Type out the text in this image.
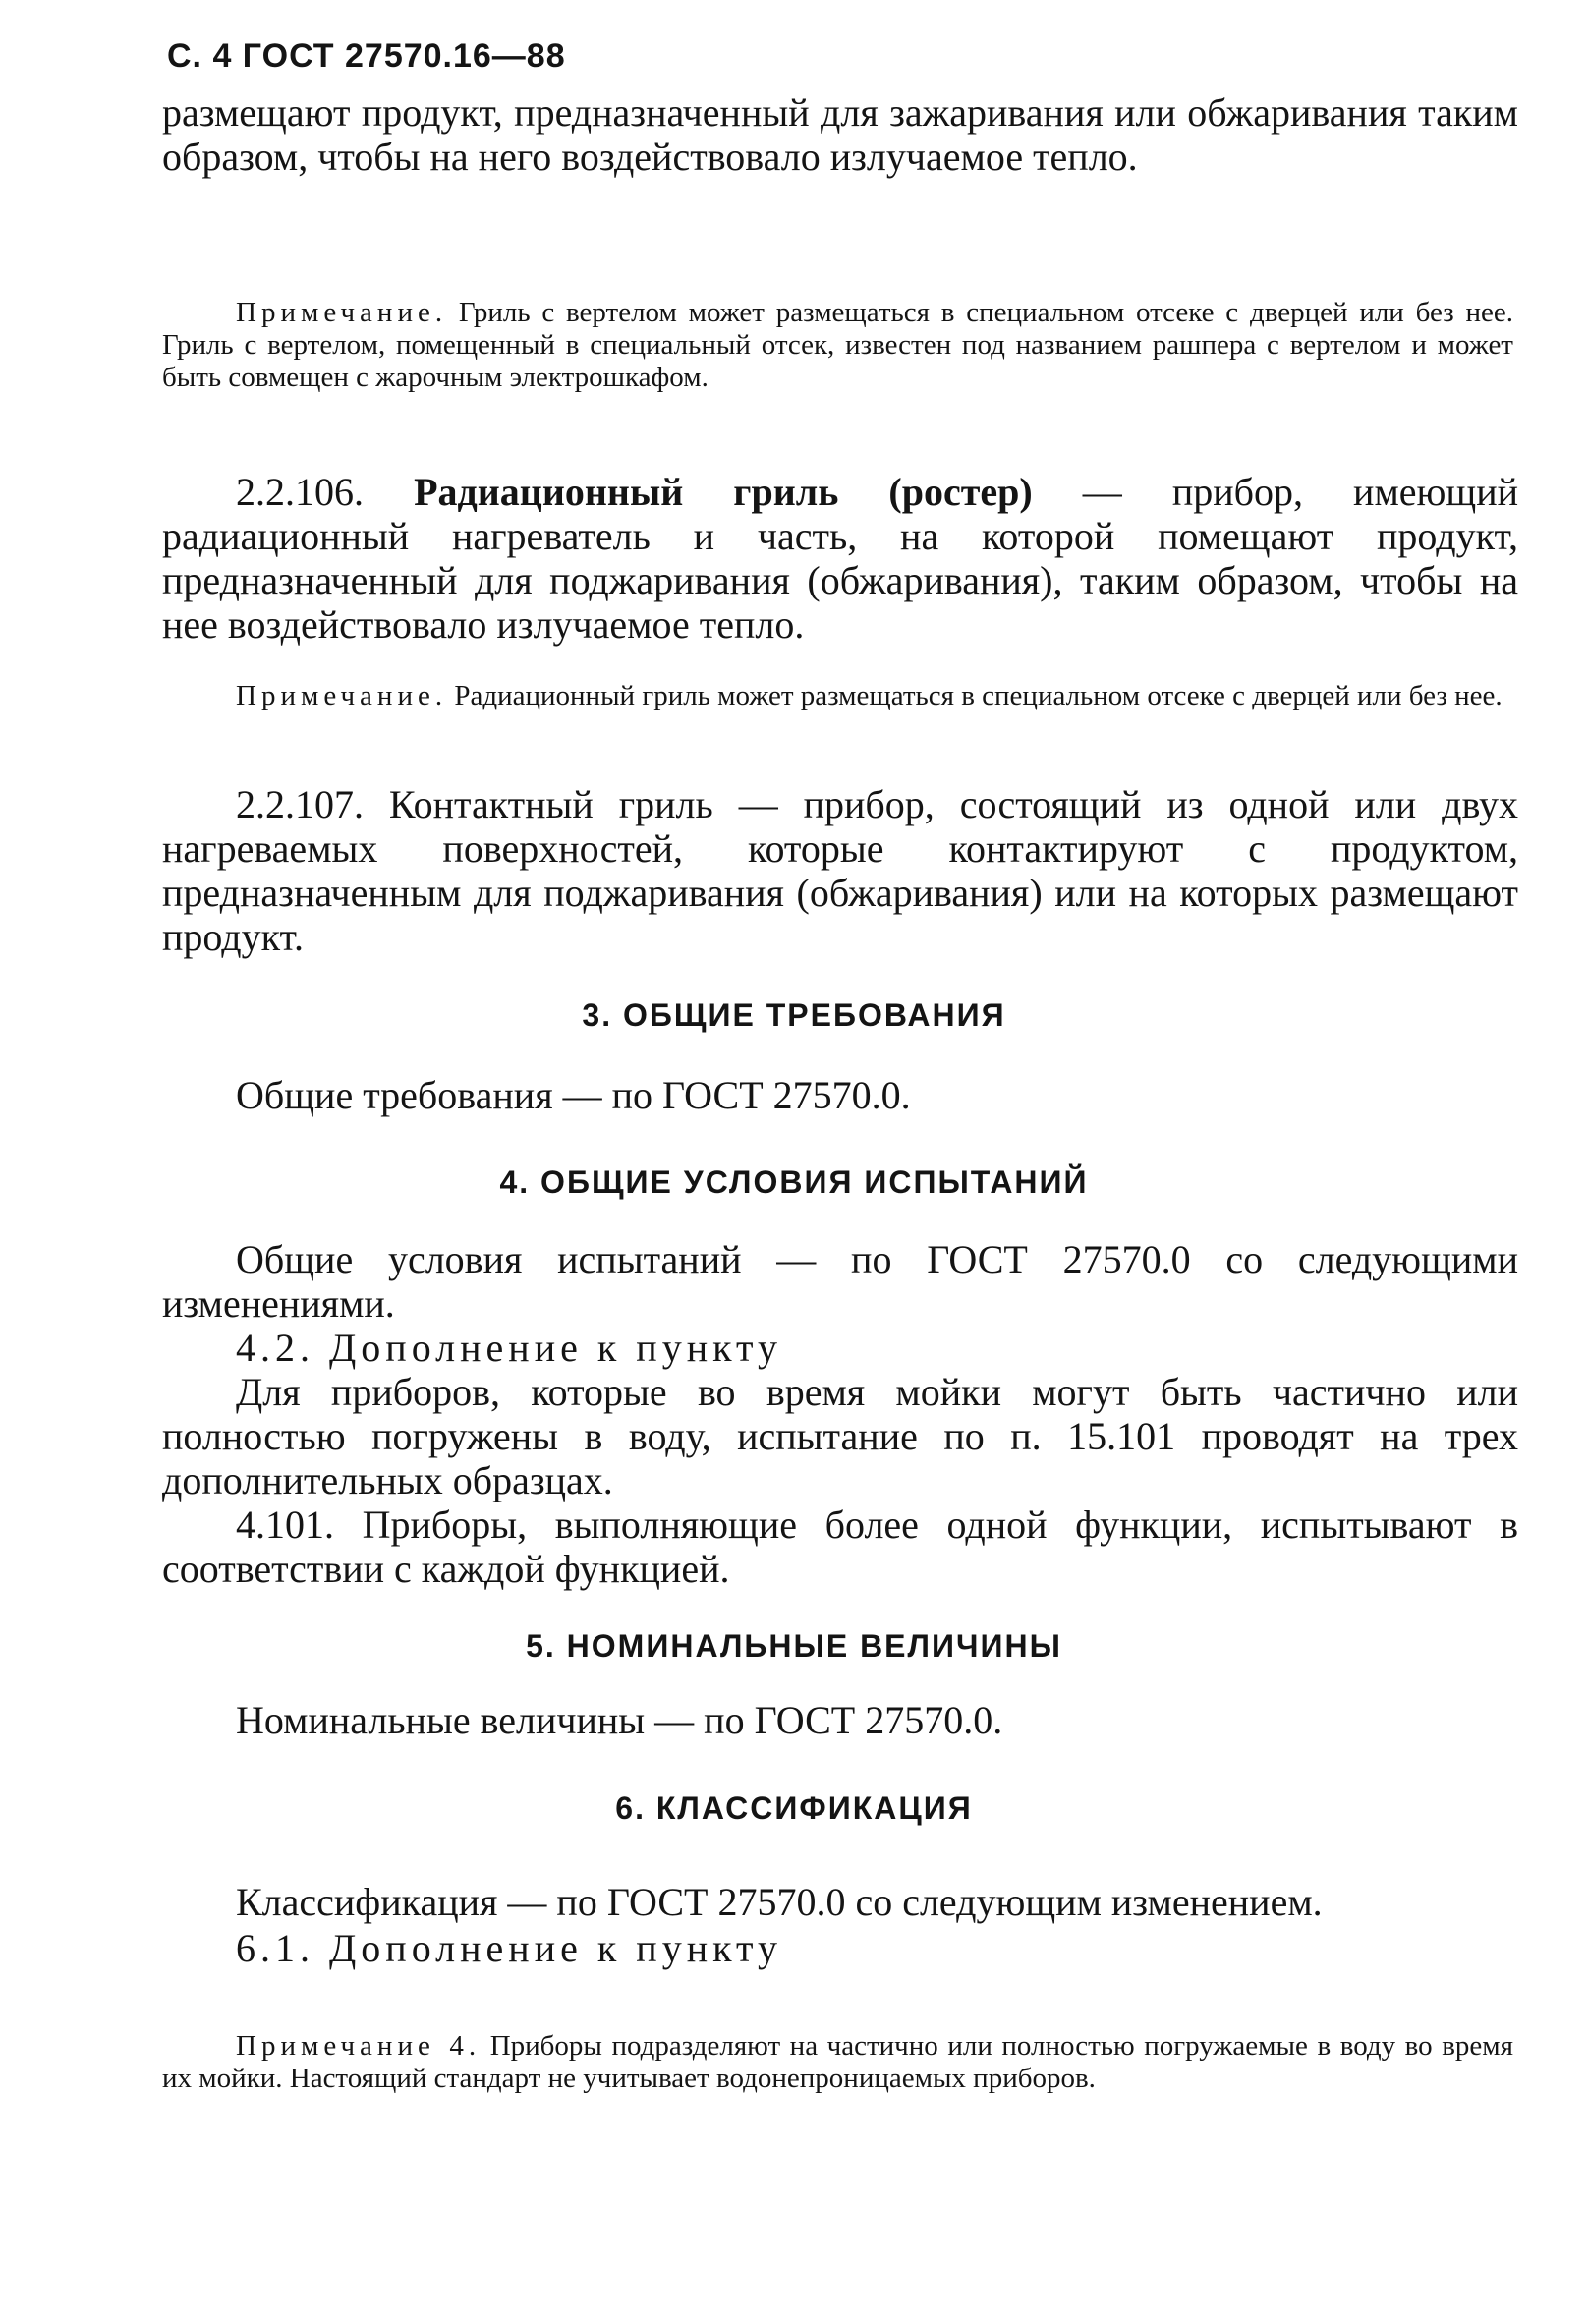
С. 4 ГОСТ 27570.16—88
размещают продукт, предназначенный для зажаривания или обжаривания таким образом, чтобы на него воздействовало излучаемое тепло.
Примечание. Гриль с вертелом может размещаться в специальном отсеке с дверцей или без нее. Гриль с вертелом, помещенный в специальный отсек, известен под названием рашпера с вертелом и может быть совмещен с жарочным электрошкафом.
2.2.106. Радиационный гриль (ростер) — прибор, имеющий радиационный нагреватель и часть, на которой помещают продукт, предназначенный для поджаривания (обжаривания), таким образом, чтобы на нее воздействовало излучаемое тепло.
Примечание. Радиационный гриль может размещаться в специальном отсеке с дверцей или без нее.
2.2.107. Контактный гриль — прибор, состоящий из одной или двух нагреваемых поверхностей, которые контактируют с продуктом, предназначенным для поджаривания (обжаривания) или на которых размещают продукт.
3. ОБЩИЕ ТРЕБОВАНИЯ
Общие требования — по ГОСТ 27570.0.
4. ОБЩИЕ УСЛОВИЯ ИСПЫТАНИЙ
Общие условия испытаний — по ГОСТ 27570.0 со следующими изменениями.
4.2. Дополнение к пункту
Для приборов, которые во время мойки могут быть частично или полностью погружены в воду, испытание по п. 15.101 проводят на трех дополнительных образцах.
4.101. Приборы, выполняющие более одной функции, испытывают в соответствии с каждой функцией.
5. НОМИНАЛЬНЫЕ ВЕЛИЧИНЫ
Номинальные величины — по ГОСТ 27570.0.
6. КЛАССИФИКАЦИЯ
Классификация — по ГОСТ 27570.0 со следующим изменением.
6.1. Дополнение к пункту
Примечание 4. Приборы подразделяют на частично или полностью погружаемые в воду во время их мойки. Настоящий стандарт не учитывает водонепроницаемых приборов.
